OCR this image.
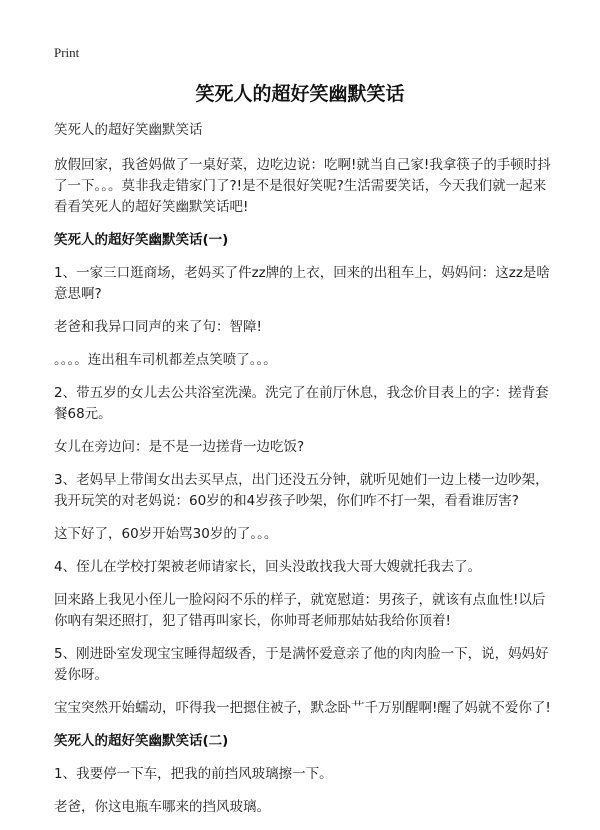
Print
笑死人的超好笑幽默笑话

笑死人的超好笑幽默笑话

放假回家，我爸妈做了一桌好菜，边吃边说：吃啊!就当自己家!我拿筷子的手顿时抖了一下。。。莫非我走错家门了?!是不是很好笑呢?生活需要笑话，今天我们就一起来看看笑死人的超好笑幽默笑话吧!

笑死人的超好笑幽默笑话(一)

1、一家三口逛商场，老妈买了件zz牌的上衣，回来的出租车上，妈妈问：这zz是啥意思啊?

老爸和我异口同声的来了句：智障!

。。。。连出租车司机都差点笑喷了。。。

2、带五岁的女儿去公共浴室洗澡。洗完了在前厅休息，我念价目表上的字：搓背套餐68元。

女儿在旁边问：是不是一边搓背一边吃饭?

3、老妈早上带闺女出去买早点，出门还没五分钟，就听见她们一边上楼一边吵架，我开玩笑的对老妈说：60岁的和4岁孩子吵架，你们咋不打一架，看看谁厉害?

这下好了，60岁开始骂30岁的了。。。

4、侄儿在学校打架被老师请家长，回头没敢找我大哥大嫂就托我去了。

回来路上我见小侄儿一脸闷闷不乐的样子，就宽慰道：男孩子，就该有点血性!以后你吶有架还照打，犯了错再叫家长，你帅哥老师那姑姑我给你顶着!

5、刚进卧室发现宝宝睡得超级香，于是满怀爱意亲了他的肉肉脸一下，说，妈妈好爱你呀。

宝宝突然开始蠕动，吓得我一把摁住被子，默念卧艹千万别醒啊!醒了妈就不爱你了!

笑死人的超好笑幽默笑话(二)

1、我要停一下车，把我的前挡风玻璃擦一下。

老爸，你这电瓶车哪来的挡风玻璃。
